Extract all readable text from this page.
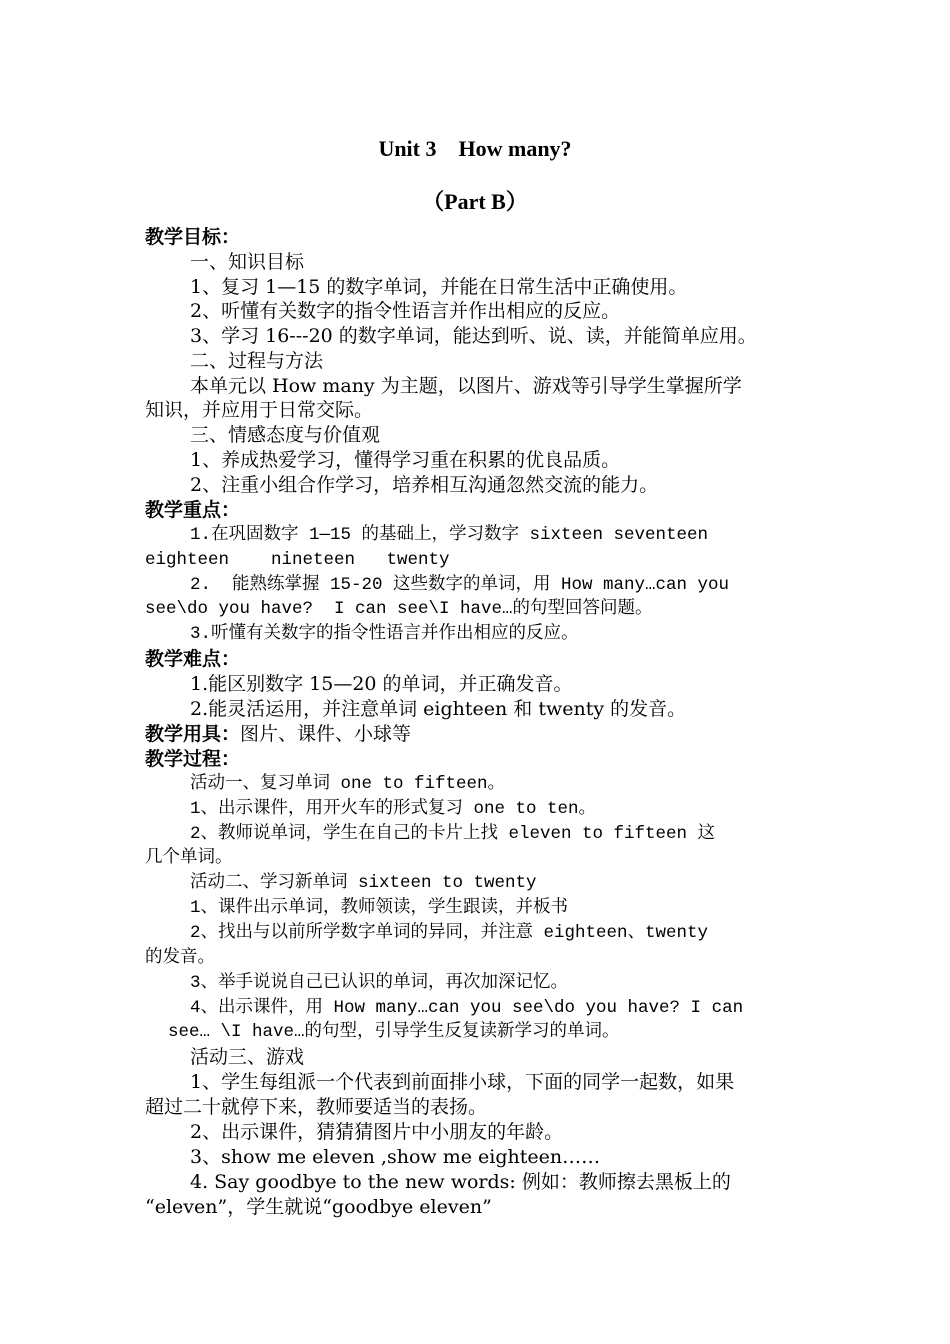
Unit 3    How many?
（Part B）
教学目标：
一、知识目标
1、复习 1—15 的数字单词，并能在日常生活中正确使用。
2、听懂有关数字的指令性语言并作出相应的反应。
3、学习 16---20 的数字单词，能达到听、说、读，并能简单应用。
二、过程与方法
本单元以 How many 为主题，以图片、游戏等引导学生掌握所学
知识，并应用于日常交际。
三、情感态度与价值观
1、养成热爱学习，懂得学习重在积累的优良品质。
2、注重小组合作学习，培养相互沟通忽然交流的能力。
教学重点：
1.在巩固数字 1—15 的基础上，学习数字 sixteen seventeen
eighteen    nineteen   twenty
2.  能熟练掌握 15-20 这些数字的单词，用 How many…can you
see\do you have?  I can see\I have…的句型回答问题。
3.听懂有关数字的指令性语言并作出相应的反应。
教学难点：
1.能区别数字 15—20 的单词，并正确发音。
2.能灵活运用，并注意单词 eighteen 和 twenty 的发音。
教学用具：图片、课件、小球等
教学过程：
活动一、复习单词 one to fifteen。
1、出示课件，用开火车的形式复习 one to ten。
2、教师说单词，学生在自己的卡片上找 eleven to fifteen 这
几个单词。
活动二、学习新单词 sixteen to twenty
1、课件出示单词，教师领读，学生跟读，并板书
2、找出与以前所学数字单词的异同，并注意 eighteen、twenty
的发音。
3、举手说说自己已认识的单词，再次加深记忆。
4、出示课件，用 How many…can you see\do you have? I can
see… \I have…的句型，引导学生反复读新学习的单词。
活动三、游戏
1、学生每组派一个代表到前面排小球，下面的同学一起数，如果
超过二十就停下来，教师要适当的表扬。
2、出示课件，猜猜猜图片中小朋友的年龄。
3、show me eleven ,show me eighteen……
4. Say goodbye to the new words: 例如：教师擦去黑板上的
“eleven”，学生就说“goodbye eleven”
